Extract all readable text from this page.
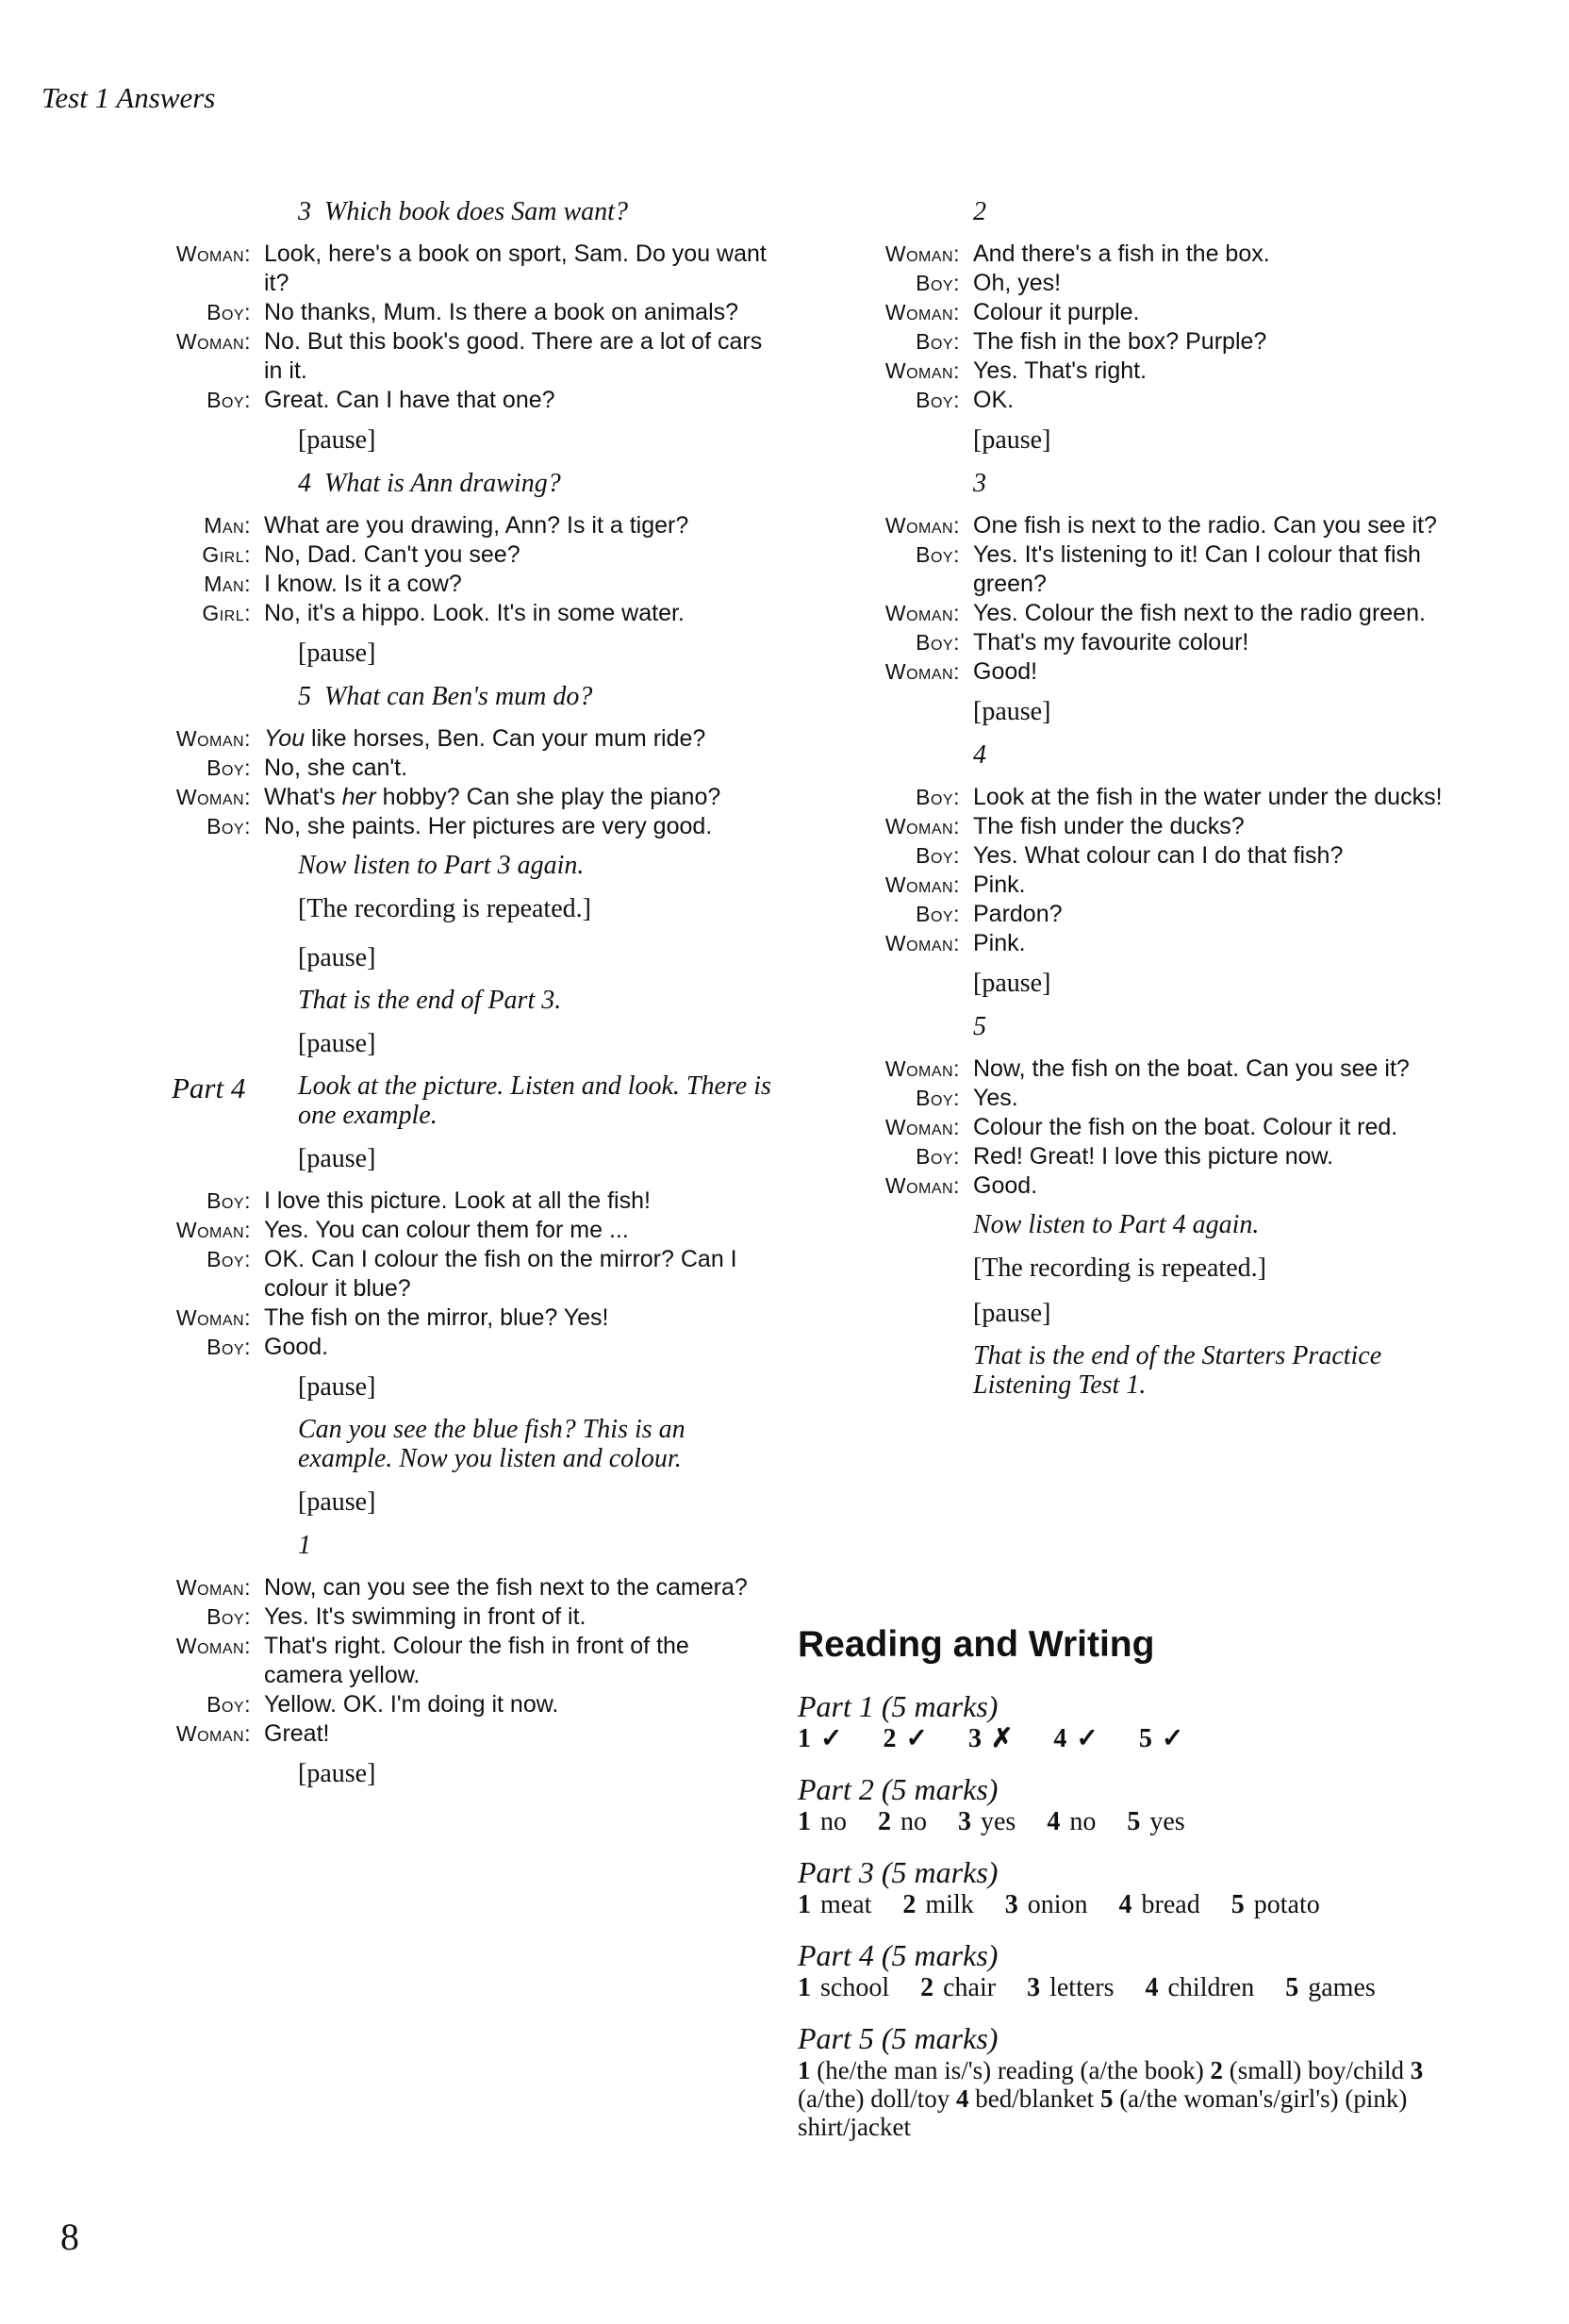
Test 1 Answers
3 Which book does Sam want?
Woman: Look, here's a book on sport, Sam. Do you want it?
Boy: No thanks, Mum. Is there a book on animals?
Woman: No. But this book's good. There are a lot of cars in it.
Boy: Great. Can I have that one?
[pause]
4 What is Ann drawing?
Man: What are you drawing, Ann? Is it a tiger?
Girl: No, Dad. Can't you see?
Man: I know. Is it a cow?
Girl: No, it's a hippo. Look. It's in some water.
[pause]
5 What can Ben's mum do?
Woman: You like horses, Ben. Can your mum ride?
Boy: No, she can't.
Woman: What's her hobby? Can she play the piano?
Boy: No, she paints. Her pictures are very good.
Now listen to Part 3 again.
[The recording is repeated.]
[pause]
That is the end of Part 3.
[pause]
Part 4 Look at the picture. Listen and look. There is one example.
[pause]
Boy: I love this picture. Look at all the fish!
Woman: Yes. You can colour them for me ...
Boy: OK. Can I colour the fish on the mirror? Can I colour it blue?
Woman: The fish on the mirror, blue? Yes!
Boy: Good.
[pause]
Can you see the blue fish? This is an example. Now you listen and colour.
[pause]
1
Woman: Now, can you see the fish next to the camera?
Boy: Yes. It's swimming in front of it.
Woman: That's right. Colour the fish in front of the camera yellow.
Boy: Yellow. OK. I'm doing it now.
Woman: Great!
[pause]
2
Woman: And there's a fish in the box.
Boy: Oh, yes!
Woman: Colour it purple.
Boy: The fish in the box? Purple?
Woman: Yes. That's right.
Boy: OK.
[pause]
3
Woman: One fish is next to the radio. Can you see it?
Boy: Yes. It's listening to it! Can I colour that fish green?
Woman: Yes. Colour the fish next to the radio green.
Boy: That's my favourite colour!
Woman: Good!
[pause]
4
Boy: Look at the fish in the water under the ducks!
Woman: The fish under the ducks?
Boy: Yes. What colour can I do that fish?
Woman: Pink.
Boy: Pardon?
Woman: Pink.
[pause]
5
Woman: Now, the fish on the boat. Can you see it?
Boy: Yes.
Woman: Colour the fish on the boat. Colour it red.
Boy: Red! Great! I love this picture now.
Woman: Good.
Now listen to Part 4 again.
[The recording is repeated.]
[pause]
That is the end of the Starters Practice Listening Test 1.
Reading and Writing
Part 1 (5 marks)
1 ✓ 2 ✓ 3 ✗ 4 ✓ 5 ✓
Part 2 (5 marks)
1 no 2 no 3 yes 4 no 5 yes
Part 3 (5 marks)
1 meat 2 milk 3 onion 4 bread 5 potato
Part 4 (5 marks)
1 school 2 chair 3 letters 4 children 5 games
Part 5 (5 marks)
1 (he/the man is/'s) reading (a/the book) 2 (small) boy/child 3 (a/the) doll/toy 4 bed/blanket 5 (a/the woman's/girl's) (pink) shirt/jacket
8
